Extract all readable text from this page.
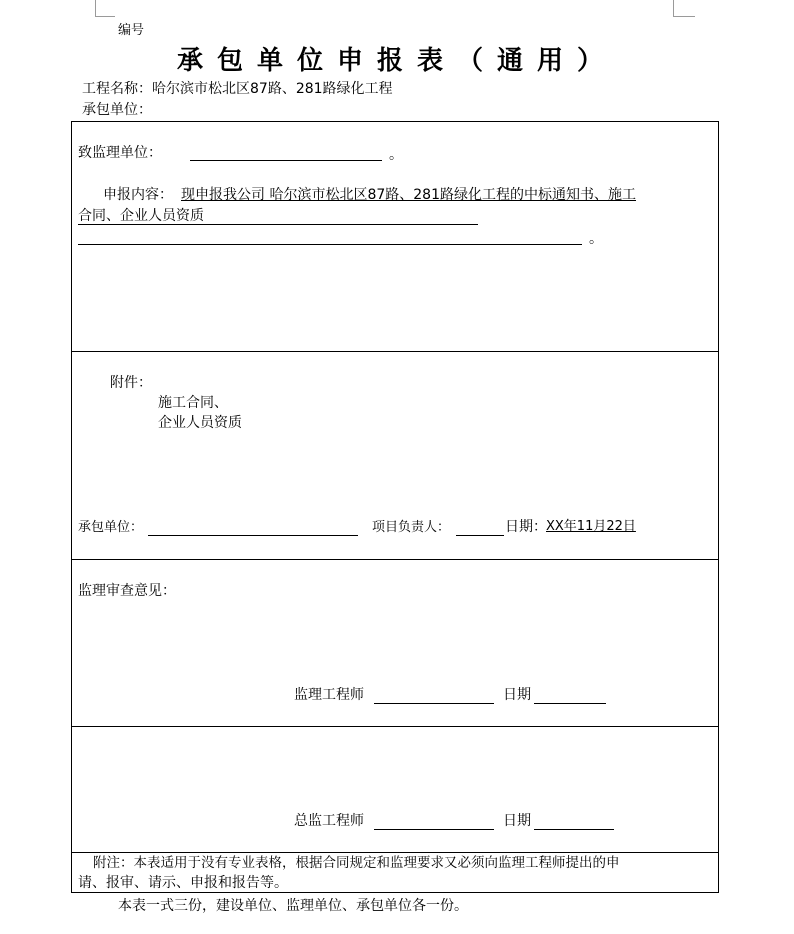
编号
承包单位申报表（通用）
工程名称：哈尔滨市松北区87路、281路绿化工程
承包单位：
致监理单位：	。
申报内容： 现申报我公司 哈尔滨市松北区87路、281路绿化工程的中标通知书、施工
合同、企业人员资质
。
附件：
施工合同、
企业人员资质
承包单位：	项目负责人：	日期： XX年11月22日
监理审查意见：
监理工程师	日期
总监工程师	日期
附注：本表适用于没有专业表格，根据合同规定和监理要求又必须向监理工程师提出的申
请、报审、请示、申报和报告等。
本表一式三份，建设单位、监理单位、承包单位各一份。
